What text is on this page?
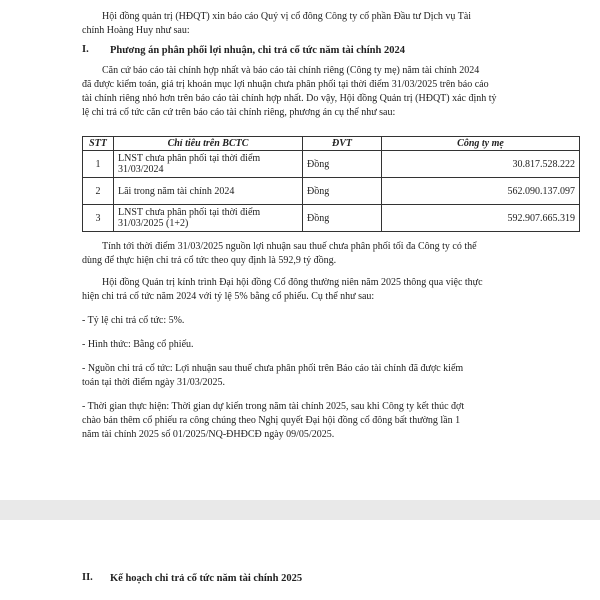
Hội đồng quản trị (HĐQT) xin báo cáo Quý vị cổ đông Công ty cổ phần Đầu tư Dịch vụ Tài
chính Hoàng Huy như sau:
I. Phương án phân phối lợi nhuận, chi trả cổ tức năm tài chính 2024
Căn cứ báo cáo tài chính hợp nhất và báo cáo tài chính riêng (Công ty mẹ) năm tài chính 2024
đã được kiểm toán, giá trị khoản mục lợi nhuận chưa phân phối tại thời điểm 31/03/2025 trên báo cáo
tài chính riêng nhỏ hơn trên báo cáo tài chính hợp nhất. Do vậy, Hội đồng Quản trị (HĐQT) xác định tỷ
lệ chi trả cổ tức căn cứ trên báo cáo tài chính riêng, phương án cụ thể như sau:
STT	Chỉ tiêu trên BCTC	ĐVT	Công ty mẹ
1	LNST chưa phân phối tại thời điểm 31/03/2024	Đồng	30.817.528.222
2	Lãi trong năm tài chính 2024	Đồng	562.090.137.097
3	LNST chưa phân phối tại thời điểm 31/03/2025 (1+2)	Đồng	592.907.665.319
Tính tới thời điểm 31/03/2025 nguồn lợi nhuận sau thuế chưa phân phối tối đa Công ty có thể
dùng để thực hiện chi trả cổ tức theo quy định là 592,9 tỷ đồng.
Hội đồng Quản trị kính trình Đại hội đồng Cổ đông thường niên năm 2025 thông qua việc thực
hiện chi trả cổ tức năm 2024 với tỷ lệ 5% bằng cổ phiếu. Cụ thể như sau:
- Tỷ lệ chi trả cổ tức: 5%.
- Hình thức: Bằng cổ phiếu.
- Nguồn chi trả cổ tức: Lợi nhuận sau thuế chưa phân phối trên Báo cáo tài chính đã được kiểm
toán tại thời điểm ngày 31/03/2025.
- Thời gian thực hiện: Thời gian dự kiến trong năm tài chính 2025, sau khi Công ty kết thúc đợt
chào bán thêm cổ phiếu ra công chúng theo Nghị quyết Đại hội đồng cổ đông bất thường lần 1
năm tài chính 2025 số 01/2025/NQ-ĐHĐCĐ ngày 09/05/2025.
II. Kế hoạch chi trả cổ tức năm tài chính 2025
